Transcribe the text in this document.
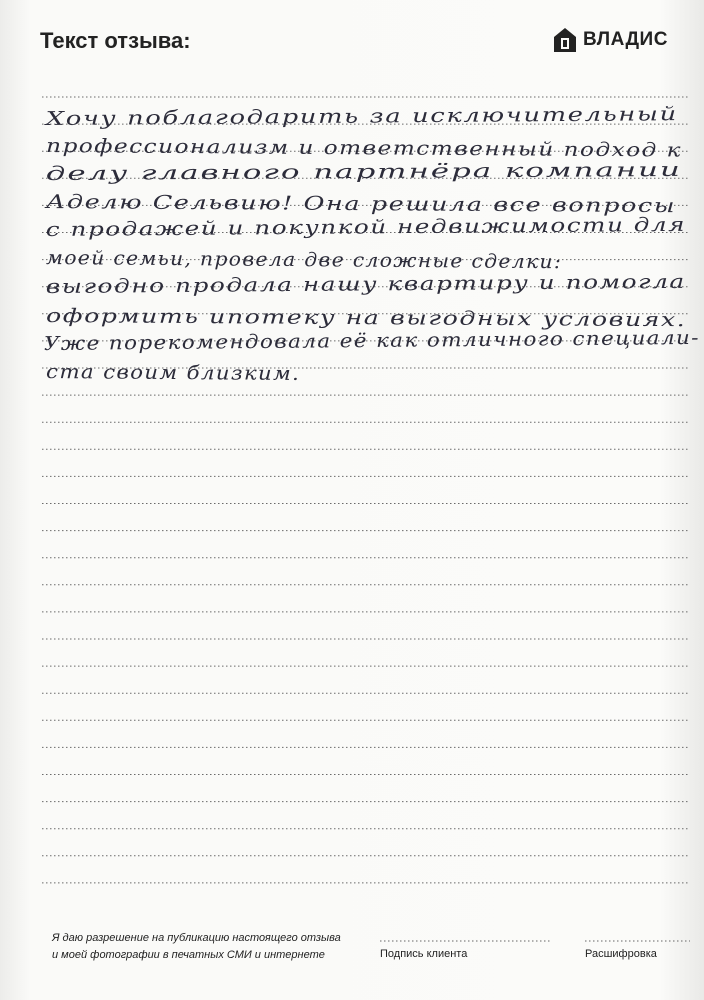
Текст отзыва:	ВЛАДИС
Хочу поблагодарить за исключительный
профессионализм и ответственный подход к
делу главного партнёра компании
Аделю Сельвию! Она решила все вопросы
с продажей и покупкой недвижимости для
моей семьи, провела две сложные сделки:
выгодно продала нашу квартиру и помогла
оформить ипотеку на выгодных условиях.
Уже порекомендовала её как отличного специали-
ста своим близким.
Я даю разрешение на публикацию настоящего отзыва
и моей фотографии в печатных СМИ и интернете	Подпись клиента	Расшифровка
